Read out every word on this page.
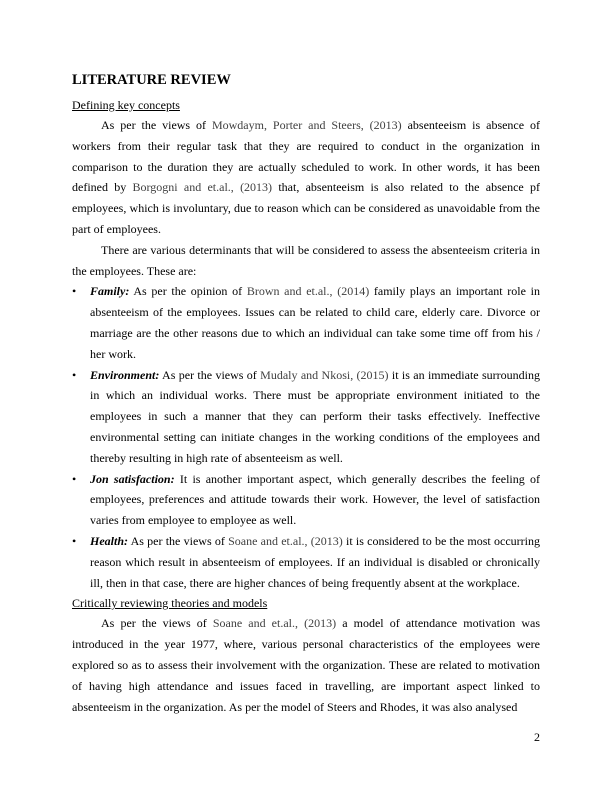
LITERATURE REVIEW
Defining key concepts

As per the views of Mowdaym, Porter and Steers, (2013) absenteeism is absence of workers from their regular task that they are required to conduct in the organization in comparison to the duration they are actually scheduled to work. In other words, it has been defined by Borgogni and et.al., (2013) that, absenteeism is also related to the absence pf employees, which is involuntary, due to reason which can be considered as unavoidable from the part of employees.

There are various determinants that will be considered to assess the absenteeism criteria in the employees. These are:

• Family: As per the opinion of Brown and et.al., (2014) family plays an important role in absenteeism of the employees. Issues can be related to child care, elderly care. Divorce or marriage are the other reasons due to which an individual can take some time off from his / her work.
• Environment: As per the views of Mudaly and Nkosi, (2015) it is an immediate surrounding in which an individual works. There must be appropriate environment initiated to the employees in such a manner that they can perform their tasks effectively. Ineffective environmental setting can initiate changes in the working conditions of the employees and thereby resulting in high rate of absenteeism as well.
• Jon satisfaction: It is another important aspect, which generally describes the feeling of employees, preferences and attitude towards their work. However, the level of satisfaction varies from employee to employee as well.
• Health: As per the views of Soane and et.al., (2013) it is considered to be the most occurring reason which result in absenteeism of employees. If an individual is disabled or chronically ill, then in that case, there are higher chances of being frequently absent at the workplace.
Critically reviewing theories and models

As per the views of Soane and et.al., (2013) a model of attendance motivation was introduced in the year 1977, where, various personal characteristics of the employees were explored so as to assess their involvement with the organization. These are related to motivation of having high attendance and issues faced in travelling, are important aspect linked to absenteeism in the organization. As per the model of Steers and Rhodes, it was also analysed

2
